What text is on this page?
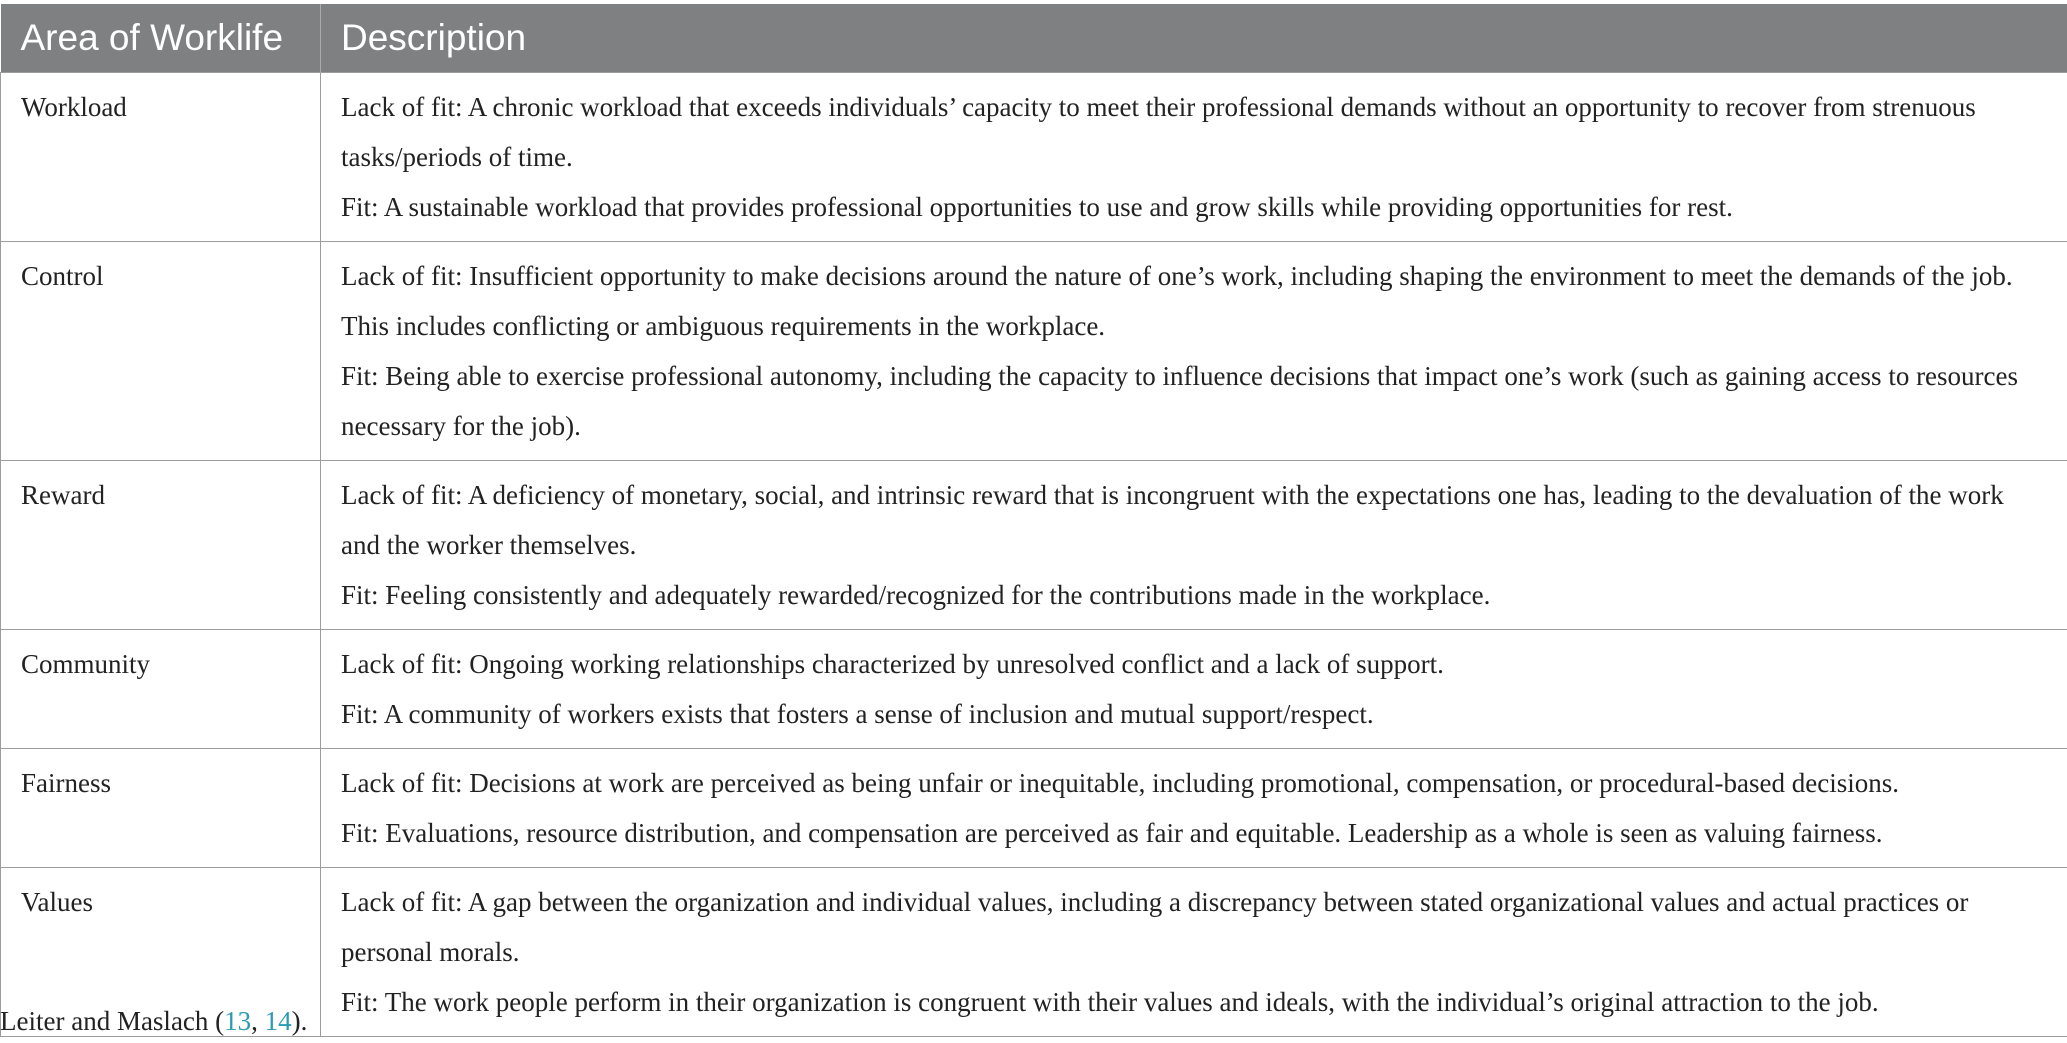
Area of Worklife	Description
Workload	Lack of fit: A chronic workload that exceeds individuals’ capacity to meet their professional demands without an opportunity to recover from strenuous tasks/periods of time.
Fit: A sustainable workload that provides professional opportunities to use and grow skills while providing opportunities for rest.

Control	Lack of fit: Insufficient opportunity to make decisions around the nature of one’s work, including shaping the environment to meet the demands of the job. This includes conflicting or ambiguous requirements in the workplace.
Fit: Being able to exercise professional autonomy, including the capacity to influence decisions that impact one’s work (such as gaining access to resources necessary for the job).

Reward	Lack of fit: A deficiency of monetary, social, and intrinsic reward that is incongruent with the expectations one has, leading to the devaluation of the work and the worker themselves.
Fit: Feeling consistently and adequately rewarded/recognized for the contributions made in the workplace.

Community	Lack of fit: Ongoing working relationships characterized by unresolved conflict and a lack of support.
Fit: A community of workers exists that fosters a sense of inclusion and mutual support/respect.

Fairness	Lack of fit: Decisions at work are perceived as being unfair or inequitable, including promotional, compensation, or procedural-based decisions.
Fit: Evaluations, resource distribution, and compensation are perceived as fair and equitable. Leadership as a whole is seen as valuing fairness.

Values	Lack of fit: A gap between the organization and individual values, including a discrepancy between stated organizational values and actual practices or personal morals.
Fit: The work people perform in their organization is congruent with their values and ideals, with the individual’s original attraction to the job.
Leiter and Maslach (13, 14).
